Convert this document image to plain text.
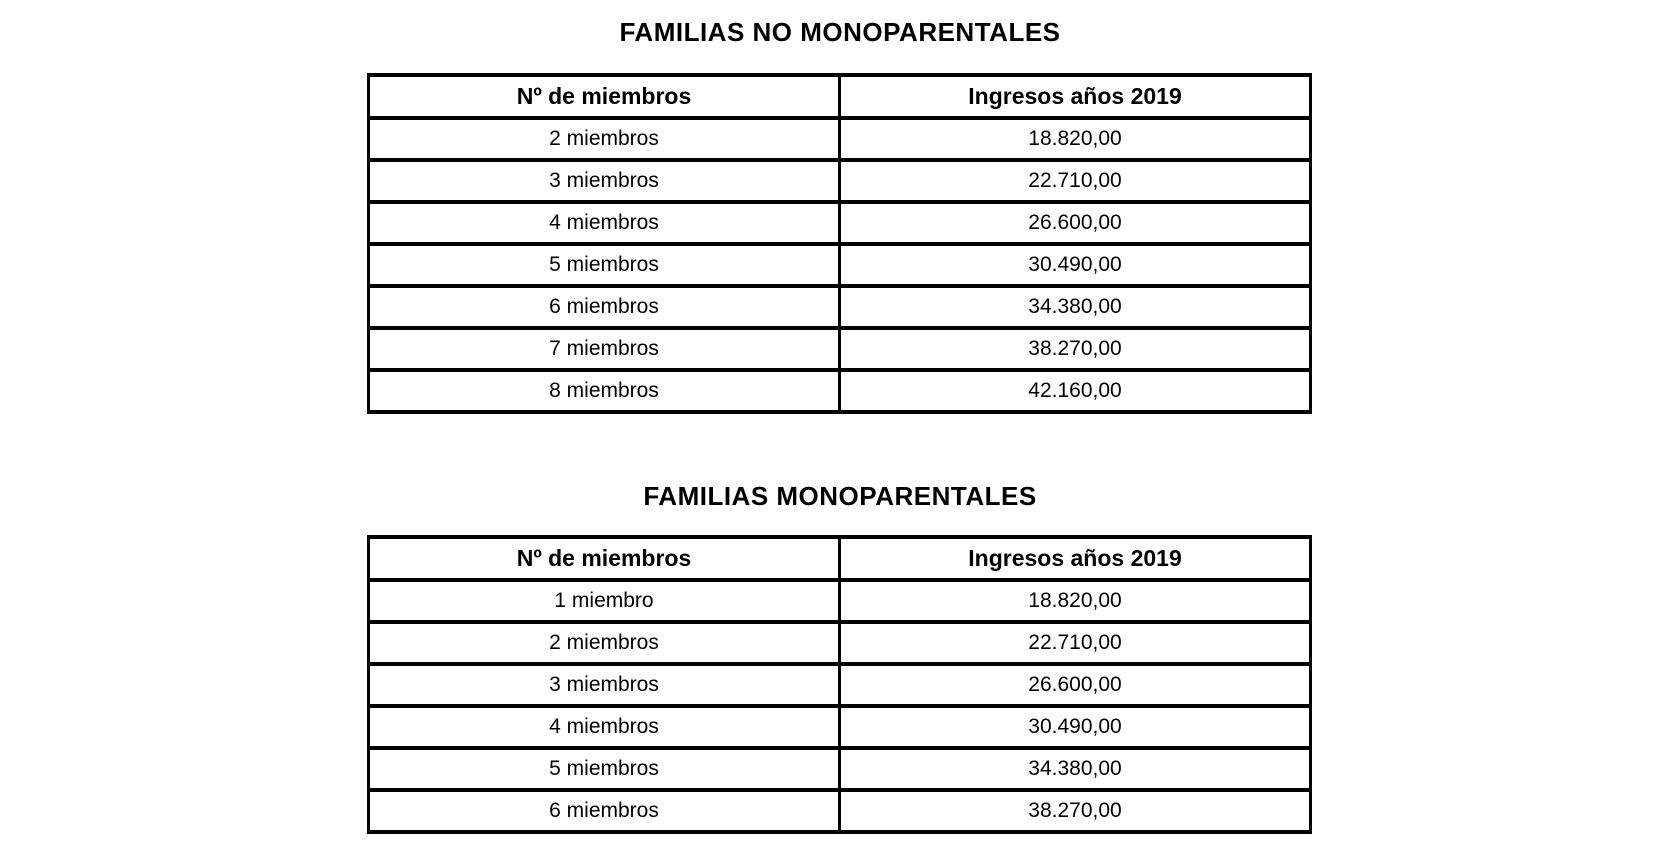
FAMILIAS NO MONOPARENTALES
Nº de miembros	Ingresos años 2019
2 miembros	18.820,00
3 miembros	22.710,00
4 miembros	26.600,00
5 miembros	30.490,00
6 miembros	34.380,00
7 miembros	38.270,00
8 miembros	42.160,00
FAMILIAS MONOPARENTALES
Nº de miembros	Ingresos años 2019
1 miembro	18.820,00
2 miembros	22.710,00
3 miembros	26.600,00
4 miembros	30.490,00
5 miembros	34.380,00
6 miembros	38.270,00
